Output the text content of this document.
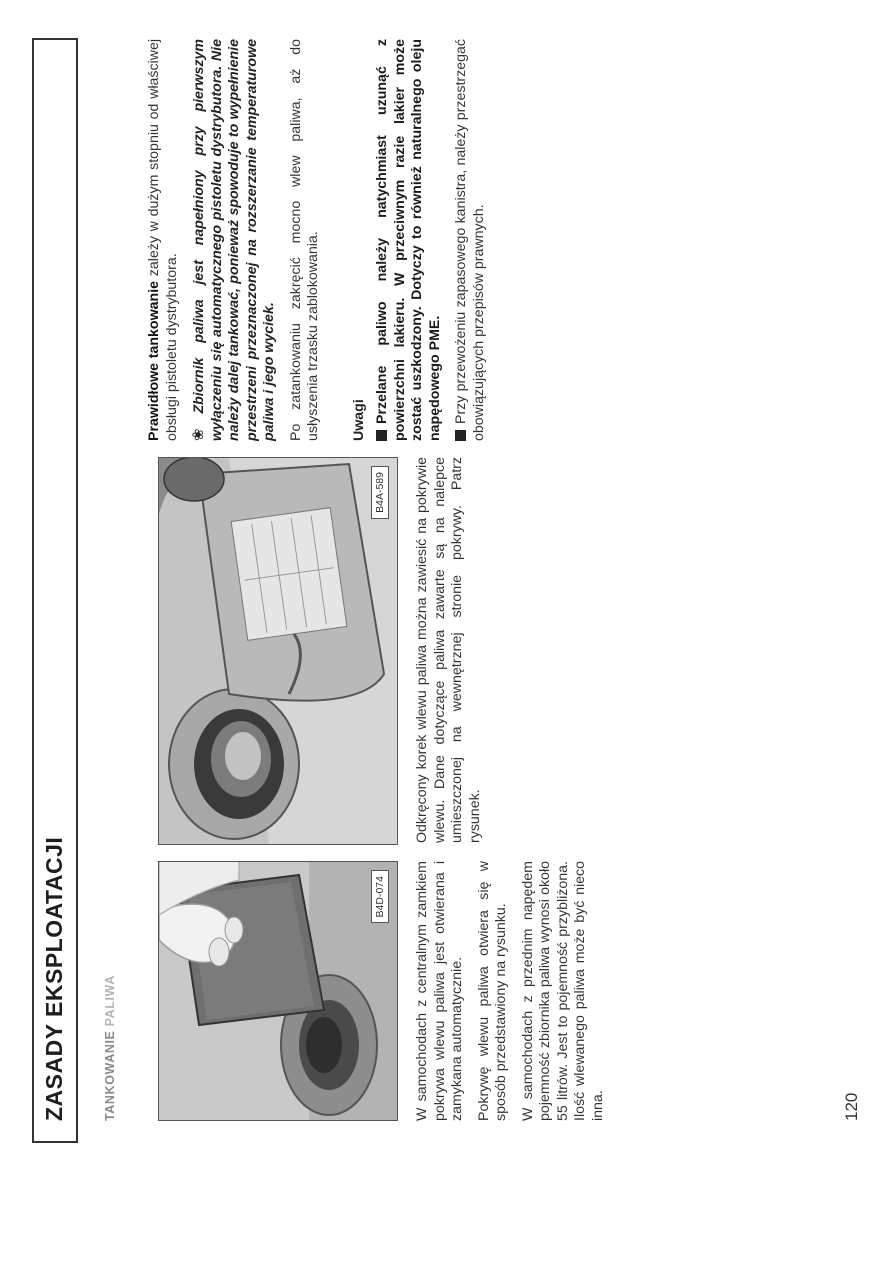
ZASADY EKSPLOATACJI	TANKOWANIE PALIWA
B4D-074
B4A-589

W samochodach z centralnym zamkiem pokrywa wlewu paliwa jest otwierana i zamykana automatycznie. Pokrywę wlewu paliwa otwiera się w sposób przedstawiony na rysunku. W samochodach z przednim napędem pojemność zbiornika paliwa wynosi około 55 litrów. Jest to pojemność przybliżona. Ilość wlewanego paliwa może być nieco inna.

Odkręcony korek wlewu paliwa można zawiesić na pokrywie wlewu. Dane dotyczące paliwa zawarte są na nalepce umieszczonej na wewnętrznej stronie pokrywy. Patrz rysunek.

Prawidłowe tankowanie zależy w dużym stopniu od właściwej obsługi pistoletu dystrybutora. ❀Zbiornik paliwa jest napełniony przy pierwszym wyłączeniu się automatycznego pistoletu dystrybutora. Nie należy dalej tankować, ponieważ spowoduje to wypełnienie przestrzeni przeznaczonej na rozszerzanie temperaturowe paliwa i jego wyciek. Po zatankowaniu zakręcić mocno wlew paliwa, aż do usłyszenia trzasku zablokowania. Uwagi Przelane paliwo należy natychmiast uzunąć z powierzchni lakieru. W przeciwnym razie lakier może zostać uszkodzony. Dotyczy to również naturalnego oleju napędowego PME. Przy przewożeniu zapasowego kanistra, należy przestrzegać obowiązujących przepisów prawnych.

120
